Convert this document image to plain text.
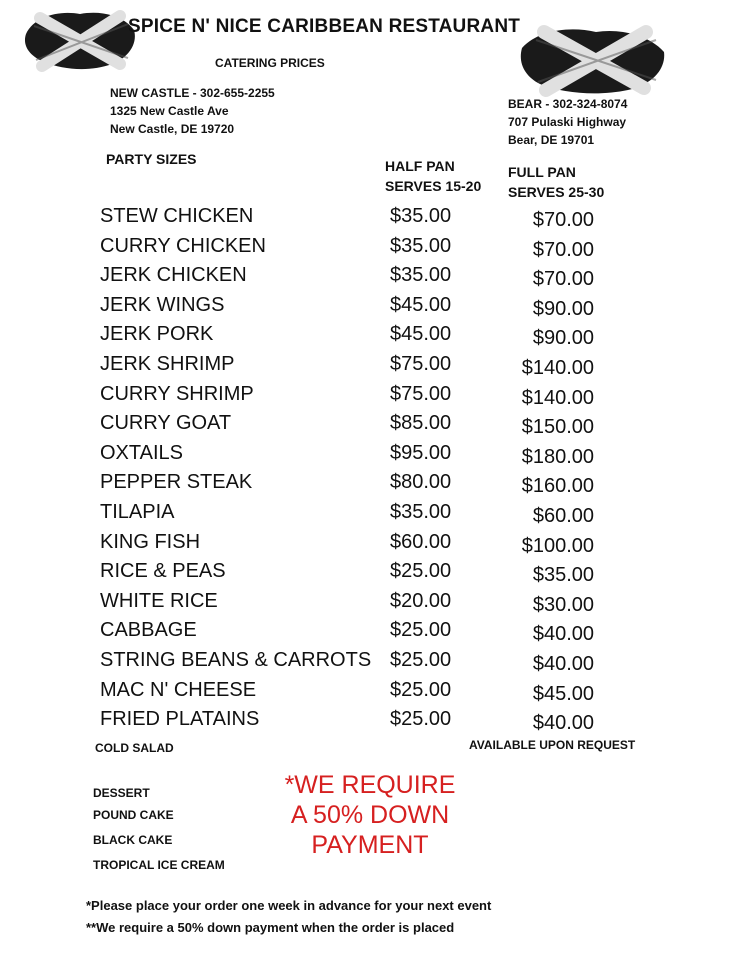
SPICE N' NICE CARIBBEAN RESTAURANT
CATERING PRICES
NEW CASTLE - 302-655-2255
1325 New Castle Ave
New Castle, DE 19720
BEAR - 302-324-8074
707 Pulaski Highway
Bear, DE 19701
PARTY SIZES	HALF PAN
SERVES 15-20
FULL PAN
SERVES 25-30
STEW CHICKEN	$35.00	$70.00
CURRY CHICKEN	$35.00	$70.00
JERK CHICKEN	$35.00	$70.00
JERK WINGS	$45.00	$90.00
JERK PORK	$45.00	$90.00
JERK SHRIMP	$75.00	$140.00
CURRY SHRIMP	$75.00	$140.00
CURRY GOAT	$85.00	$150.00
OXTAILS	$95.00	$180.00
PEPPER STEAK	$80.00	$160.00
TILAPIA	$35.00	$60.00
KING FISH	$60.00	$100.00
RICE & PEAS	$25.00	$35.00
WHITE RICE	$20.00	$30.00
CABBAGE	$25.00	$40.00
STRING BEANS & CARROTS $25.00	$40.00
MAC N' CHEESE	$25.00	$45.00
FRIED PLATAINS	$25.00	$40.00
COLD SALAD	AVAILABLE UPON REQUEST
DESSERT
POUND CAKE
BLACK CAKE
TROPICAL ICE CREAM
*WE REQUIRE
A 50% DOWN
PAYMENT
*Please place your order one week in advance for your next event
**We require a 50% down payment when the order is placed
